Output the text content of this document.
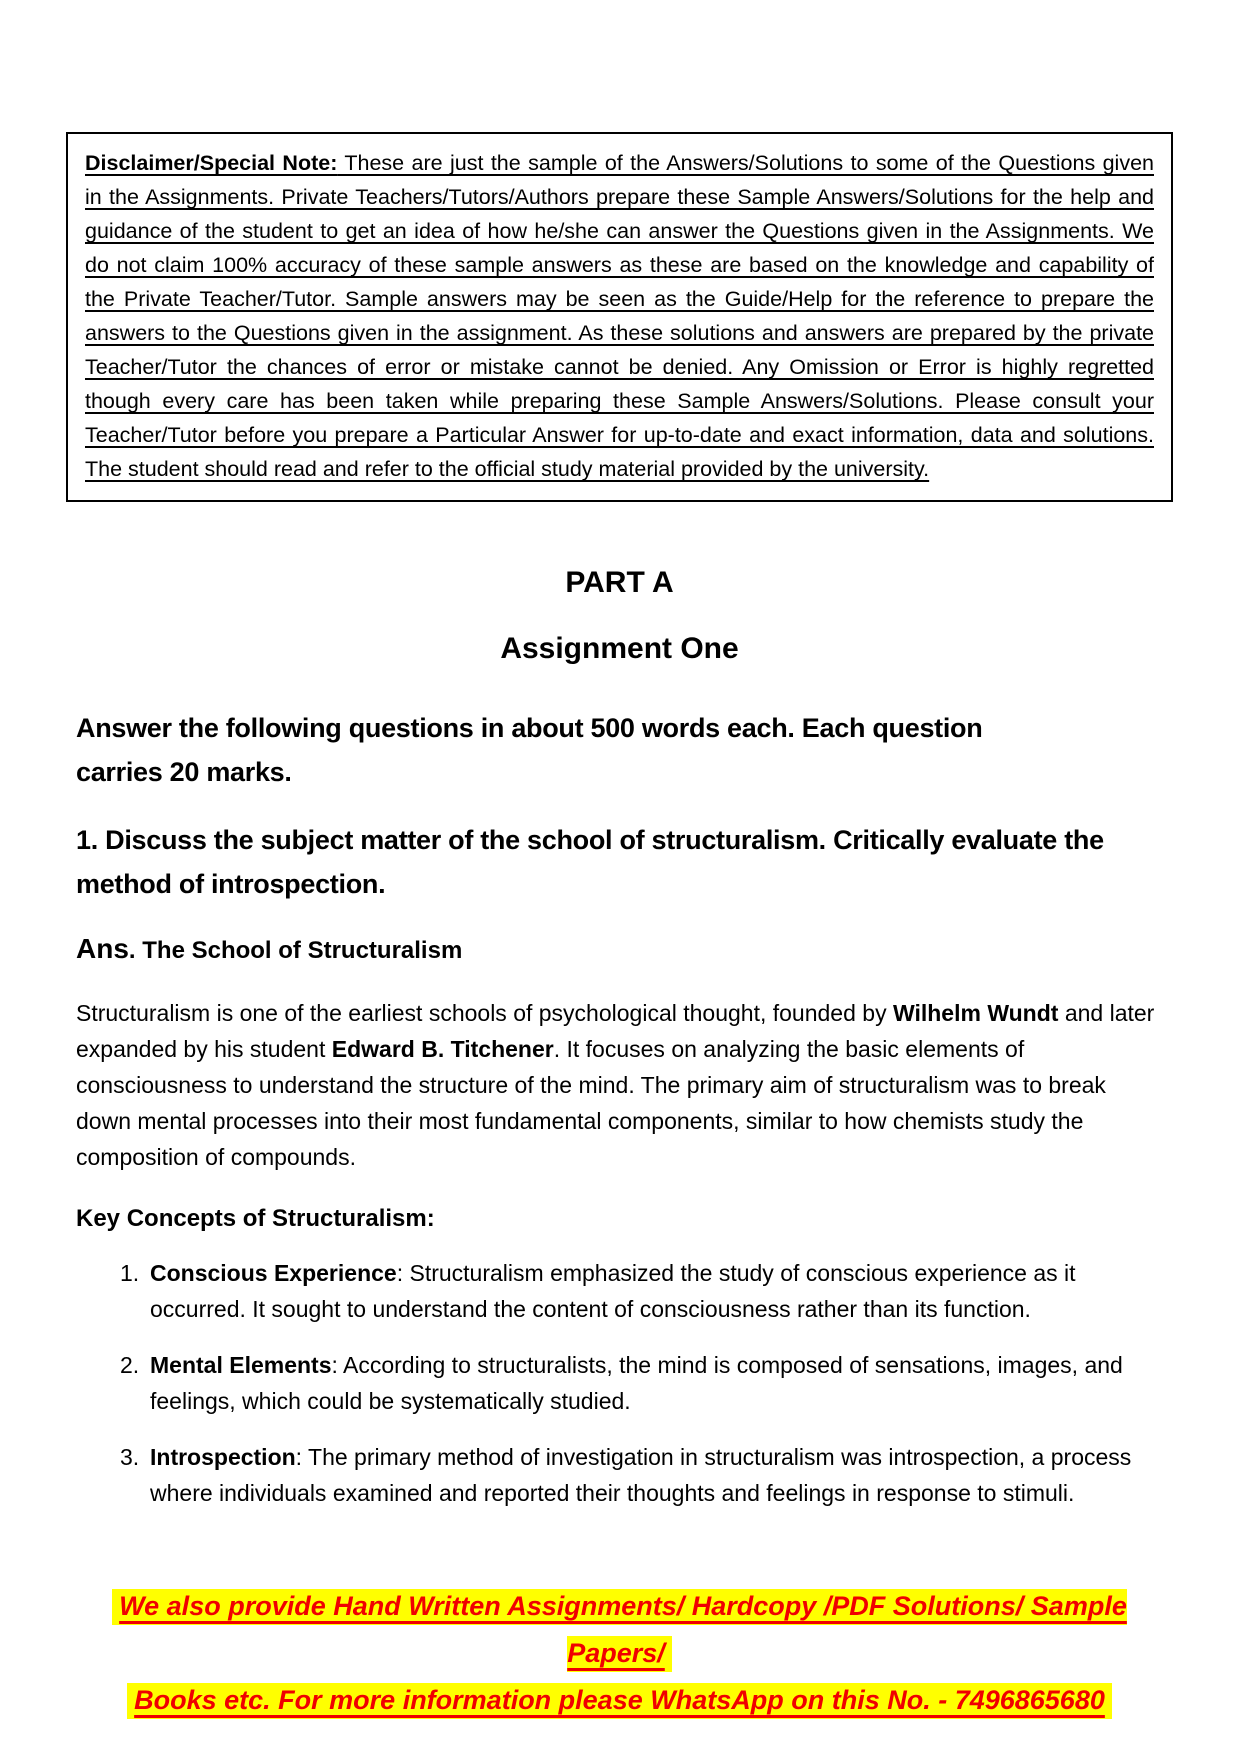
Disclaimer/Special Note: These are just the sample of the Answers/Solutions to some of the Questions given in the Assignments. Private Teachers/Tutors/Authors prepare these Sample Answers/Solutions for the help and guidance of the student to get an idea of how he/she can answer the Questions given in the Assignments. We do not claim 100% accuracy of these sample answers as these are based on the knowledge and capability of the Private Teacher/Tutor. Sample answers may be seen as the Guide/Help for the reference to prepare the answers to the Questions given in the assignment. As these solutions and answers are prepared by the private Teacher/Tutor the chances of error or mistake cannot be denied. Any Omission or Error is highly regretted though every care has been taken while preparing these Sample Answers/Solutions. Please consult your Teacher/Tutor before you prepare a Particular Answer for up-to-date and exact information, data and solutions. The student should read and refer to the official study material provided by the university.

PART A
Assignment One
Answer the following questions in about 500 words each. Each question carries 20 marks.
1. Discuss the subject matter of the school of structuralism. Critically evaluate the method of introspection.
Ans. The School of Structuralism

Structuralism is one of the earliest schools of psychological thought, founded by Wilhelm Wundt and later expanded by his student Edward B. Titchener. It focuses on analyzing the basic elements of consciousness to understand the structure of the mind. The primary aim of structuralism was to break down mental processes into their most fundamental components, similar to how chemists study the composition of compounds.

Key Concepts of Structuralism:
1. Conscious Experience: Structuralism emphasized the study of conscious experience as it occurred. It sought to understand the content of consciousness rather than its function.
2. Mental Elements: According to structuralists, the mind is composed of sensations, images, and feelings, which could be systematically studied.
3. Introspection: The primary method of investigation in structuralism was introspection, a process where individuals examined and reported their thoughts and feelings in response to stimuli.
We also provide Hand Written Assignments/ Hardcopy /PDF Solutions/ Sample Papers/
Books etc. For more information please WhatsApp on this No. - 7496865680
